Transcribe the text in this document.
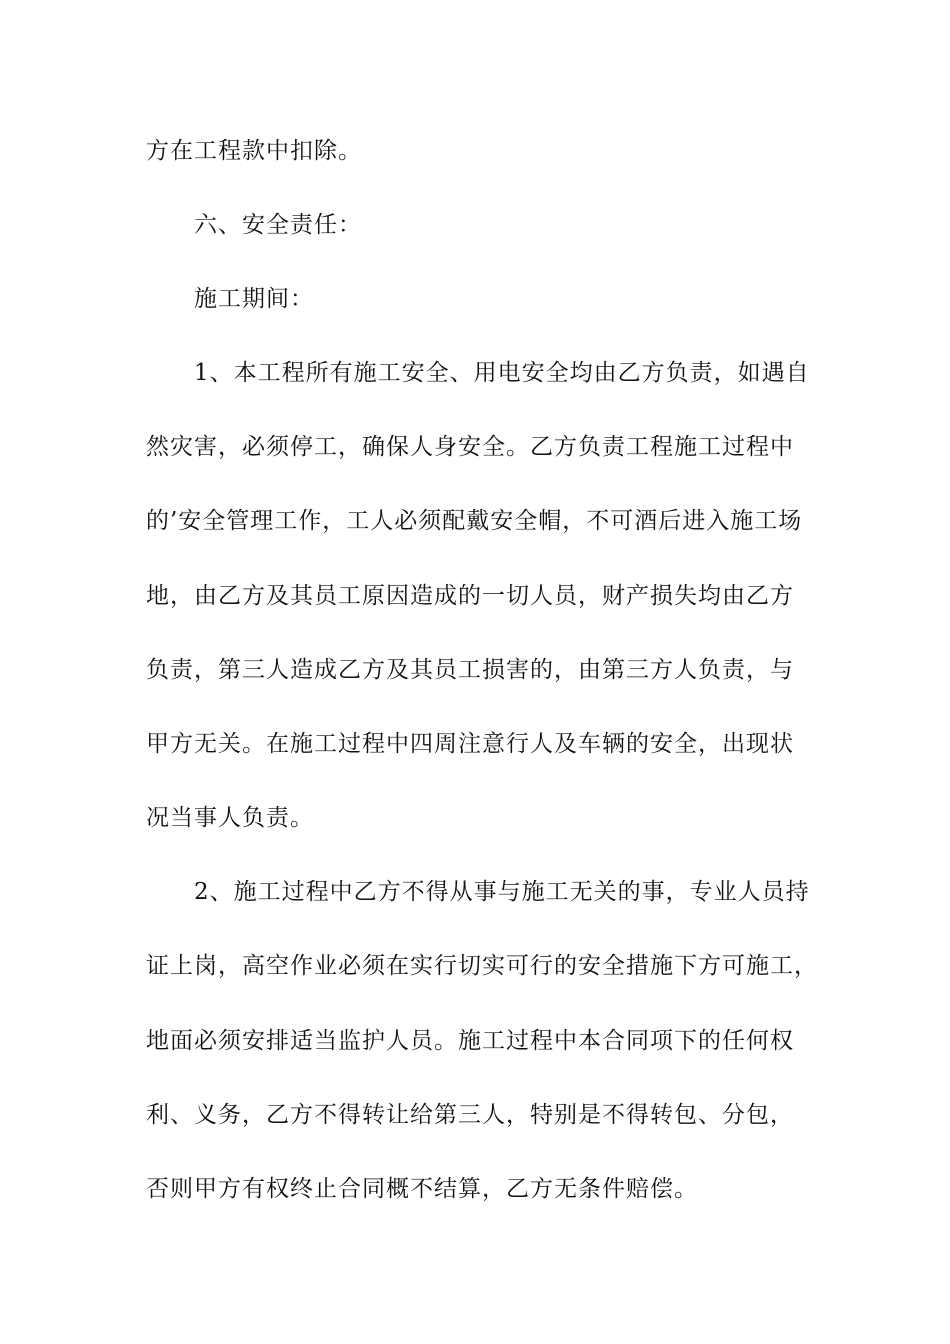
方在工程款中扣除。
六、安全责任：
施工期间：
1、本工程所有施工安全、用电安全均由乙方负责，如遇自
然灾害，必须停工，确保人身安全。乙方负责工程施工过程中
的’安全管理工作，工人必须配戴安全帽，不可酒后进入施工场
地，由乙方及其员工原因造成的一切人员，财产损失均由乙方
负责，第三人造成乙方及其员工损害的，由第三方人负责，与
甲方无关。在施工过程中四周注意行人及车辆的安全，出现状
况当事人负责。
2、施工过程中乙方不得从事与施工无关的事，专业人员持
证上岗，高空作业必须在实行切实可行的安全措施下方可施工，
地面必须安排适当监护人员。施工过程中本合同项下的任何权
利、义务，乙方不得转让给第三人，特别是不得转包、分包，
否则甲方有权终止合同概不结算，乙方无条件赔偿。
